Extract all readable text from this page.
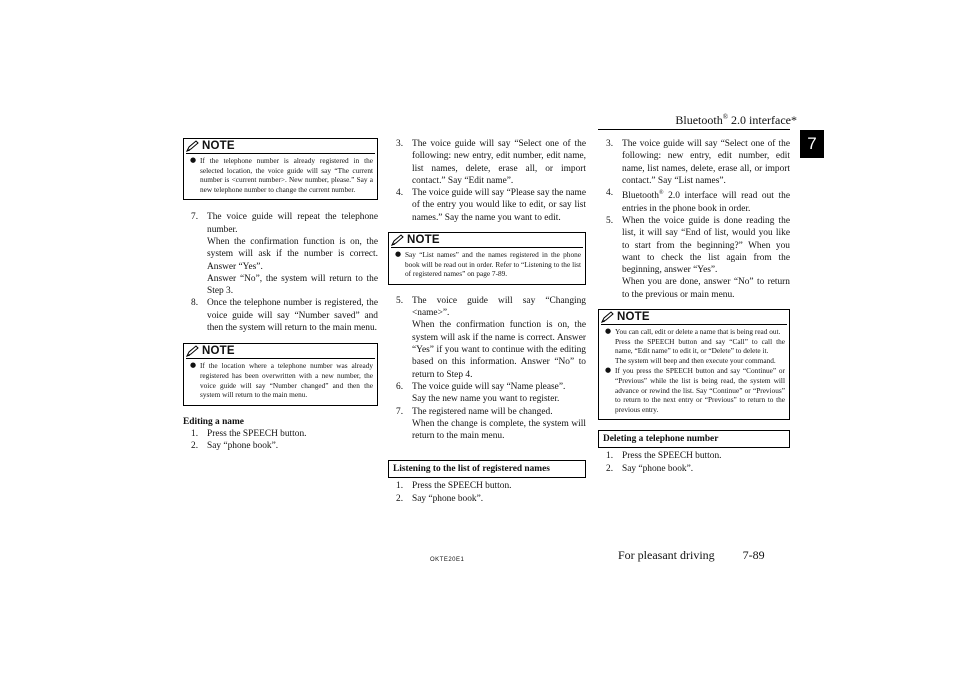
Bluetooth® 2.0 interface*
7
NOTE
● If the telephone number is already registered in the selected location, the voice guide will say “The current number is <current number>. New number, please.” Say a new telephone number to change the current number.
7. The voice guide will repeat the telephone number.

When the confirmation function is on, the system will ask if the number is correct. Answer “Yes”.

Answer “No”, the system will return to the Step 3.

8. Once the telephone number is registered, the voice guide will say “Number saved” and then the system will return to the main menu.
NOTE
● If the location where a telephone number was already registered has been overwritten with a new number, the voice guide will say “Number changed” and then the system will return to the main menu.
Editing a name
1. Press the SPEECH button.
2. Say “phone book”.
3. The voice guide will say “Select one of the following: new entry, edit number, edit name, list names, delete, erase all, or import contact.” Say “Edit name”.
4. The voice guide will say “Please say the name of the entry you would like to edit, or say list names.” Say the name you want to edit.
NOTE
● Say “List names” and the names registered in the phone book will be read out in order. Refer to “Listening to the list of registered names” on page 7-89.
5. The voice guide will say “Changing <name>”.

When the confirmation function is on, the system will ask if the name is correct. Answer “Yes” if you want to continue with the editing based on this information. Answer “No” to return to Step 4.

6. The voice guide will say “Name please”.

Say the new name you want to register.

7. The registered name will be changed.

When the change is complete, the system will return to the main menu.

Listening to the list of registered names
1. Press the SPEECH button.
2. Say “phone book”.
3. The voice guide will say “Select one of the following: new entry, edit number, edit name, list names, delete, erase all, or import contact.” Say “List names”.
4. Bluetooth® 2.0 interface will read out the entries in the phone book in order.
5. When the voice guide is done reading the list, it will say “End of list, would you like to start from the beginning?” When you want to check the list again from the beginning, answer “Yes”.

When you are done, answer “No” to return to the previous or main menu.

NOTE
● You can call, edit or delete a name that is being read out.

Press the SPEECH button and say “Call” to call the name, “Edit name” to edit it, or “Delete” to delete it.

The system will beep and then execute your command.

● If you press the SPEECH button and say “Continue” or “Previous” while the list is being read, the system will advance or rewind the list. Say “Continue” or “Previous” to return to the next entry or “Previous” to return to the previous entry.
Deleting a telephone number
1. Press the SPEECH button.
2. Say “phone book”.
OKTE20E1	For pleasant driving 7-89
